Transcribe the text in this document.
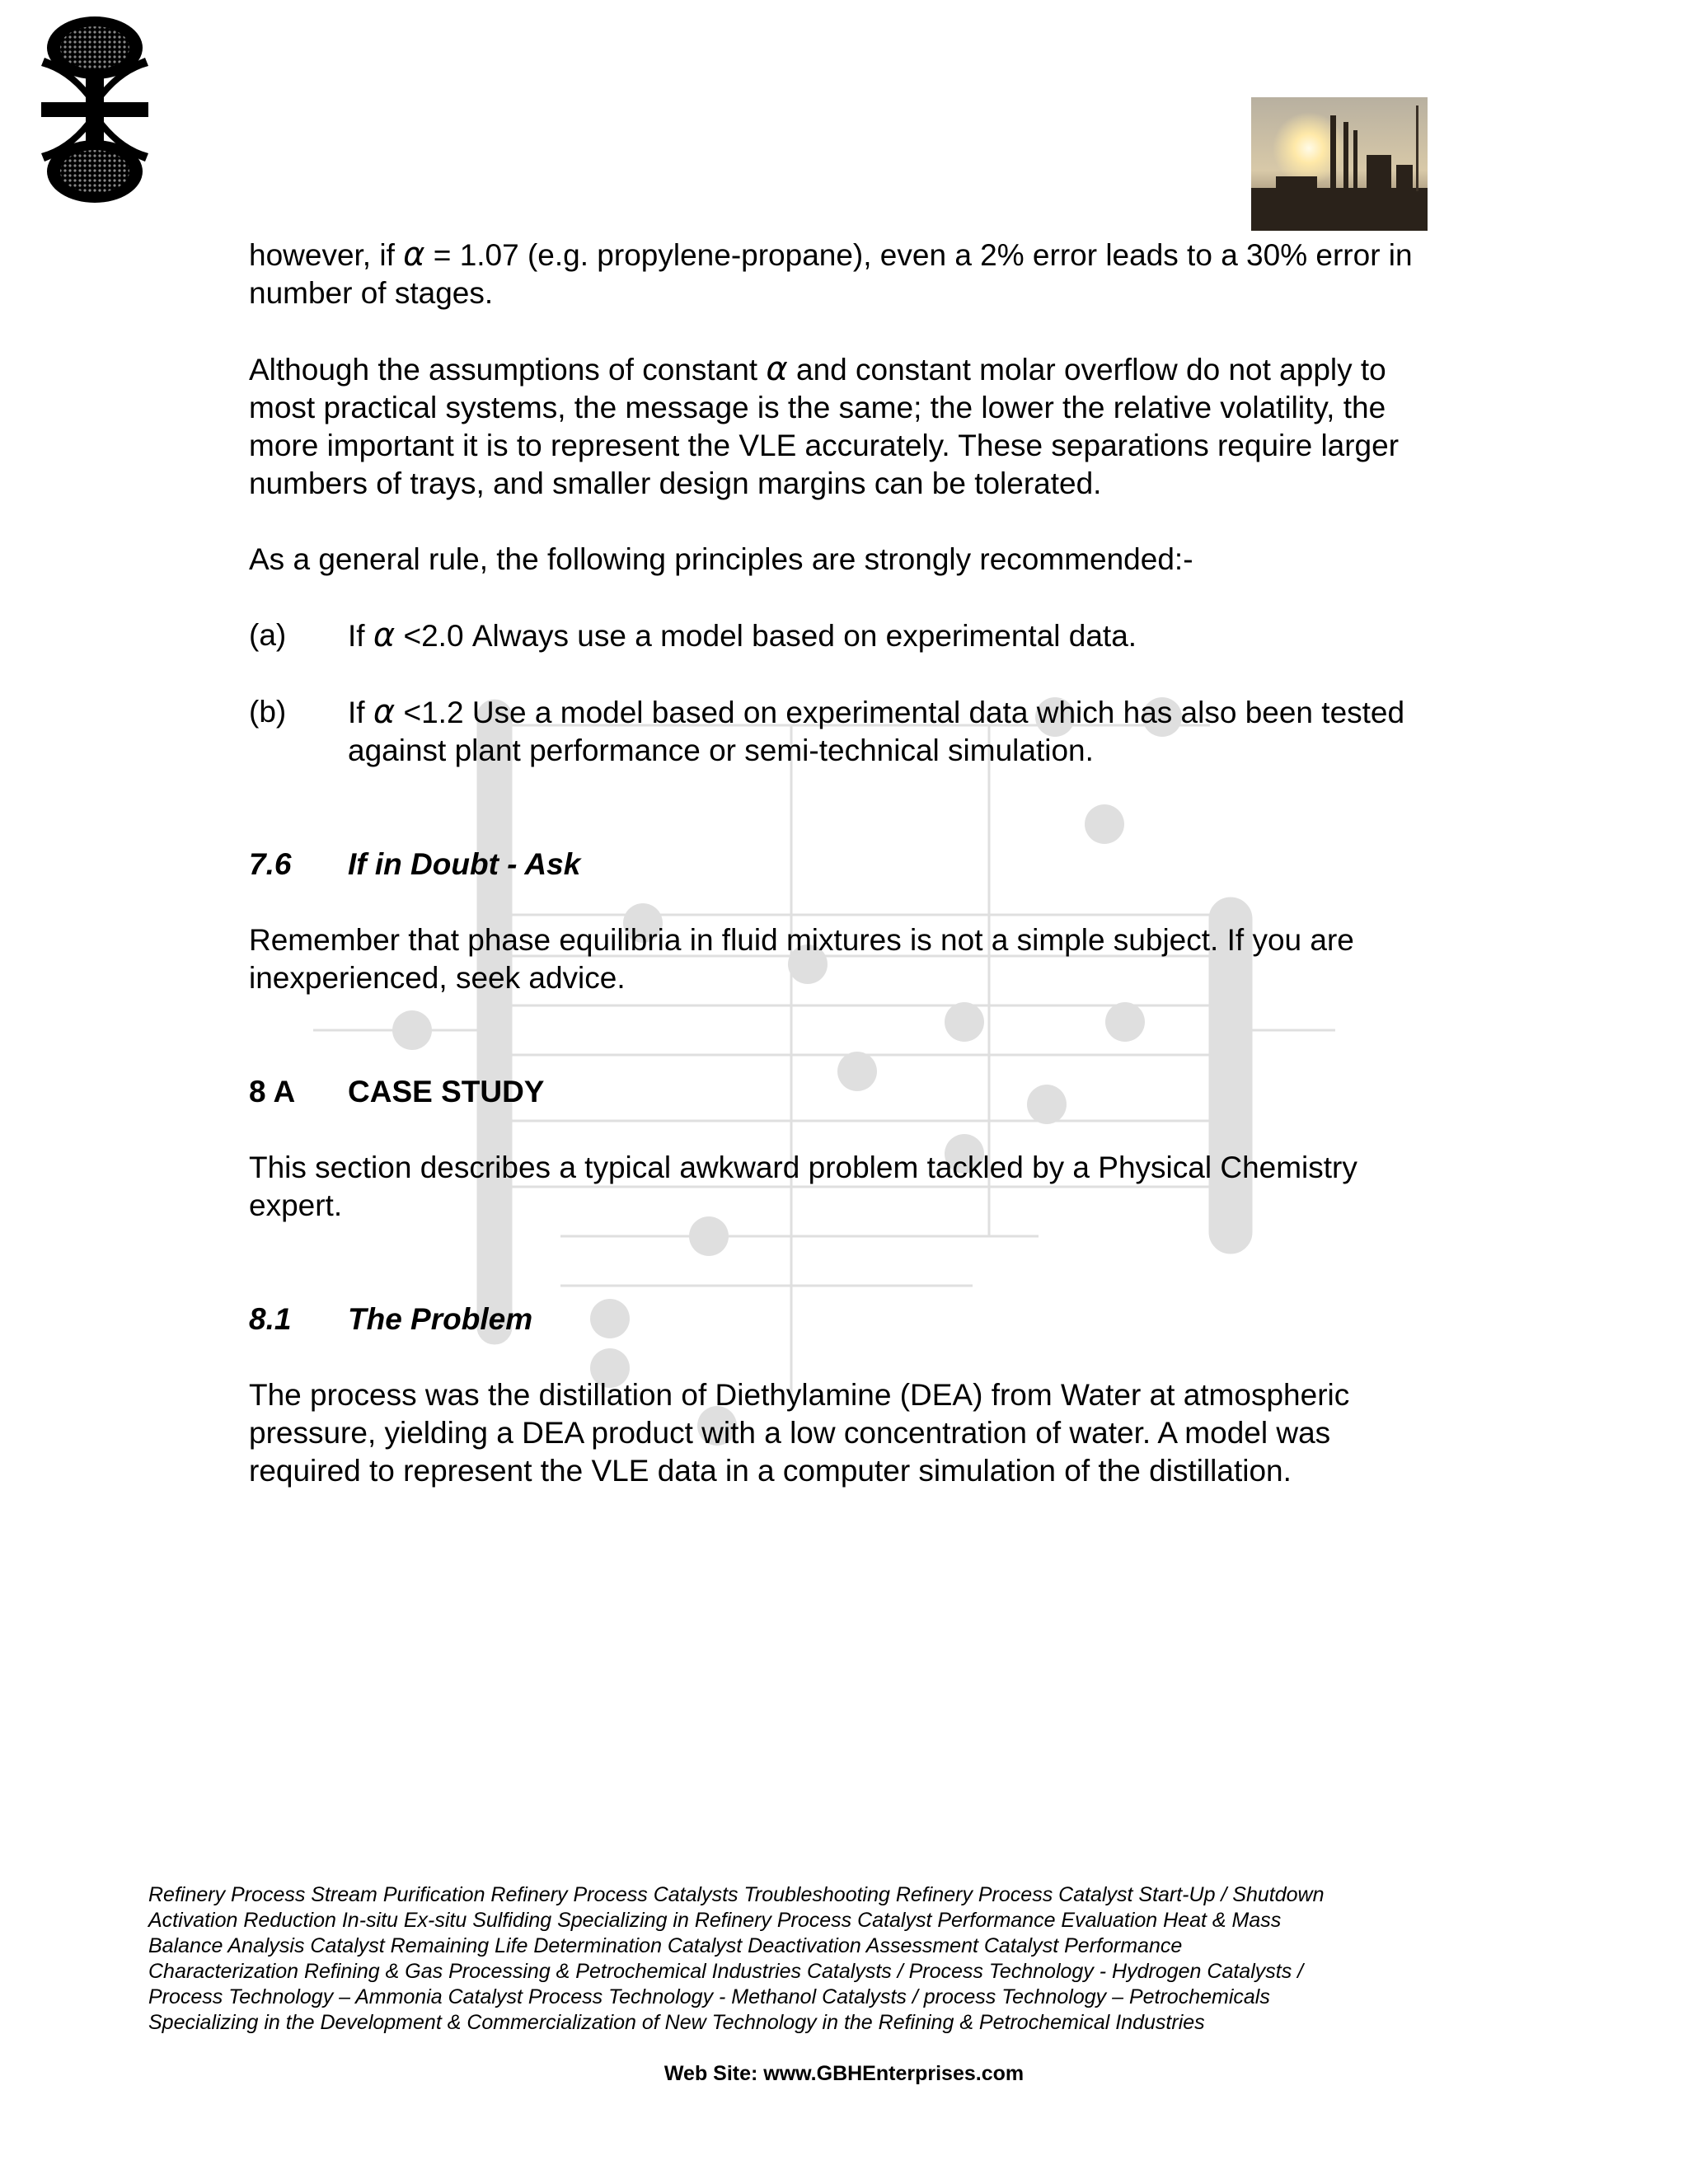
however, if α = 1.07 (e.g. propylene-propane), even a 2% error leads to a 30% error in number of stages.

Although the assumptions of constant α and constant molar overflow do not apply to most practical systems, the message is the same; the lower the relative volatility, the more important it is to represent the VLE accurately. These separations require larger numbers of trays, and smaller design margins can be tolerated.

As a general rule, the following principles are strongly recommended:-

(a)	If α <2.0 Always use a model based on experimental data.
(b)	If α <1.2 Use a model based on experimental data which has also been tested against plant performance or semi-technical simulation.
7.6	If in Doubt - Ask

Remember that phase equilibria in fluid mixtures is not a simple subject. If you are inexperienced, seek advice.

8 A	CASE STUDY

This section describes a typical awkward problem tackled by a Physical Chemistry expert.

8.1	The Problem

The process was the distillation of Diethylamine (DEA) from Water at atmospheric pressure, yielding a DEA product with a low concentration of water. A model was required to represent the VLE data in a computer simulation of the distillation.

Refinery Process Stream Purification Refinery Process Catalysts Troubleshooting Refinery Process Catalyst Start-Up / Shutdown
Activation Reduction In-situ Ex-situ Sulfiding Specializing in Refinery Process Catalyst Performance Evaluation Heat & Mass
Balance Analysis Catalyst Remaining Life Determination Catalyst Deactivation Assessment Catalyst Performance
Characterization Refining & Gas Processing & Petrochemical Industries Catalysts / Process Technology - Hydrogen Catalysts /
Process Technology – Ammonia Catalyst Process Technology - Methanol Catalysts / process Technology – Petrochemicals
Specializing in the Development & Commercialization of New Technology in the Refining & Petrochemical Industries
Web Site: www.GBHEnterprises.com
